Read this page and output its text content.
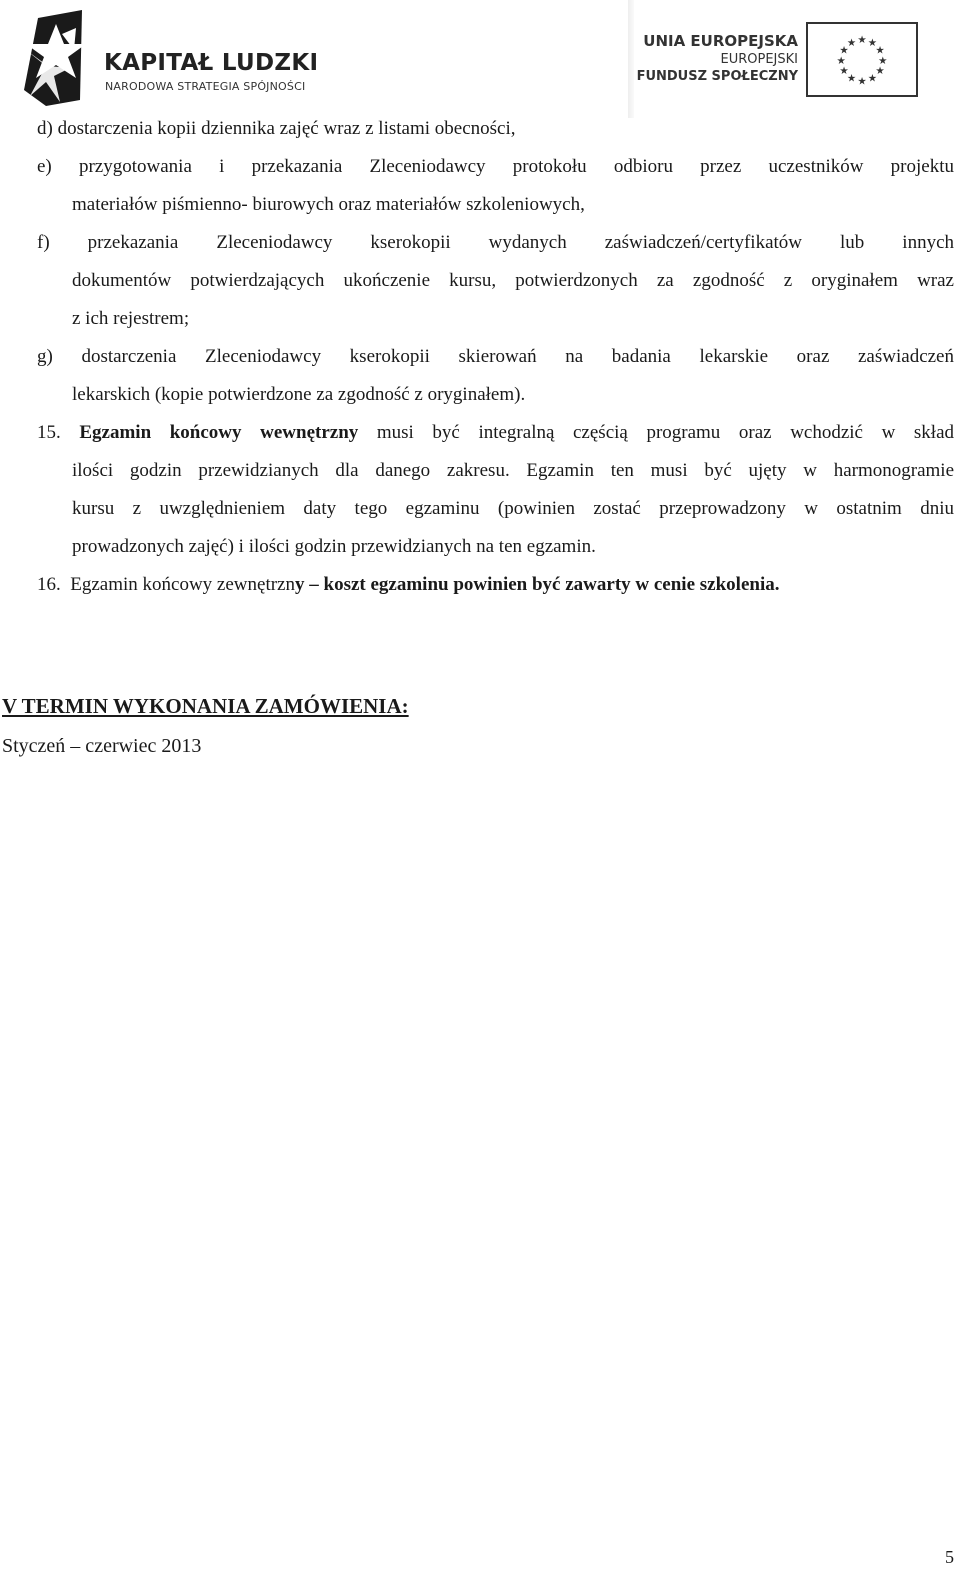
KAPITAŁ LUDZKI
NARODOWA STRATEGIA SPÓJNOŚCI
UNIA EUROPEJSKA
EUROPEJSKI
FUNDUSZ SPOŁECZNY
★ ★
★
★
★
★
★
★
★
★
★
★
d) dostarczenia kopii dziennika zajęć wraz z listami obecności,
e) przygotowania i przekazania Zleceniodawcy protokołu odbioru przez uczestników projektu
materiałów piśmienno- biurowych oraz materiałów szkoleniowych,
f) przekazania Zleceniodawcy kserokopii wydanych zaświadczeń/certyfikatów lub innych
dokumentów potwierdzających ukończenie kursu, potwierdzonych za zgodność z oryginałem wraz
z ich rejestrem;
g) dostarczenia Zleceniodawcy kserokopii skierowań na badania lekarskie oraz zaświadczeń
lekarskich (kopie potwierdzone za zgodność z oryginałem).
15. Egzamin końcowy wewnętrzny musi być integralną częścią programu oraz wchodzić w skład
ilości godzin przewidzianych dla danego zakresu. Egzamin ten musi być ujęty w harmonogramie
kursu z uwzględnieniem daty tego egzaminu (powinien zostać przeprowadzony w ostatnim dniu
prowadzonych zajęć) i ilości godzin przewidzianych na ten egzamin.
16. Egzamin końcowy zewnętrzny – koszt egzaminu powinien być zawarty w cenie szkolenia.
V TERMIN WYKONANIA ZAMÓWIENIA:
Styczeń – czerwiec 2013
5
